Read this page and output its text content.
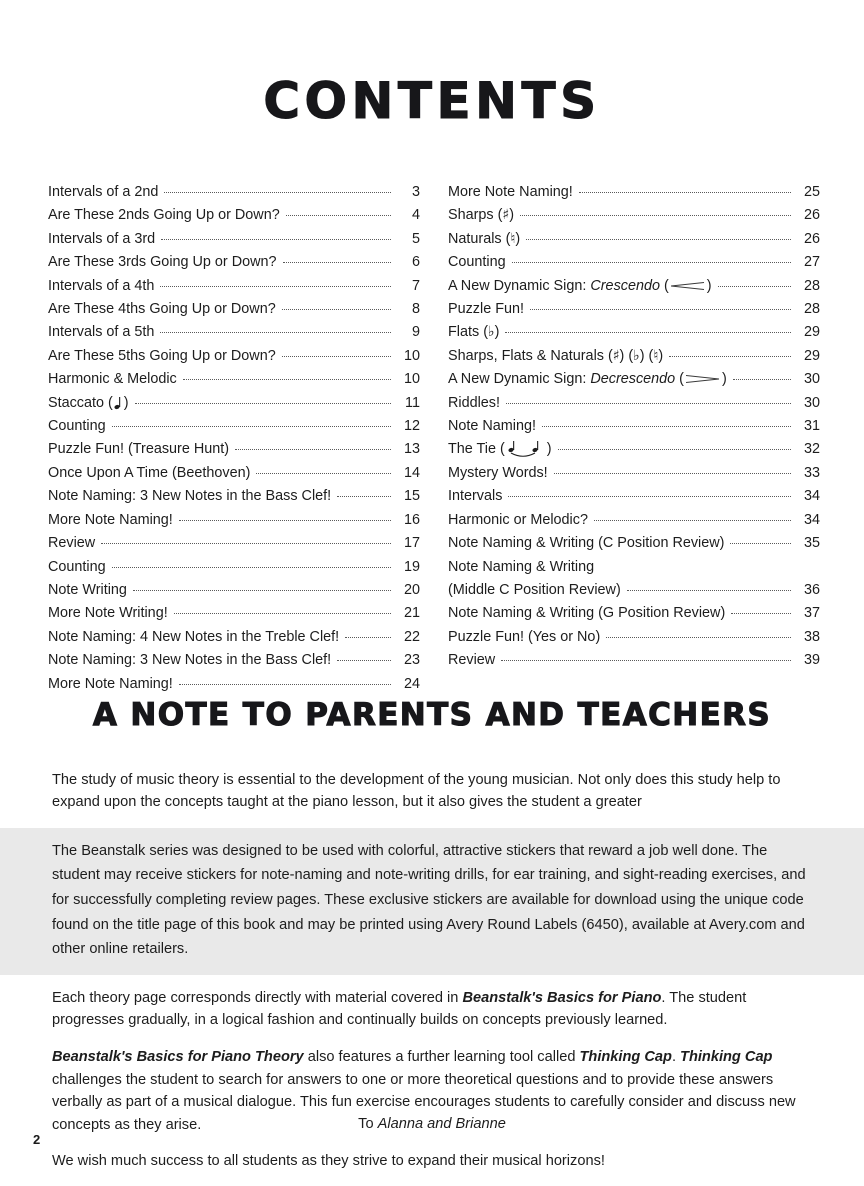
CONTENTS
Intervals of a 2nd	3
Are These 2nds Going Up or Down?	4
Intervals of a 3rd	5
Are These 3rds Going Up or Down?	6
Intervals of a 4th	7
Are These 4ths Going Up or Down?	8
Intervals of a 5th	9
Are These 5ths Going Up or Down?	10
Harmonic & Melodic	10
Staccato ( )	11
Counting	12
Puzzle Fun! (Treasure Hunt)	13
Once Upon A Time (Beethoven)	14
Note Naming: 3 New Notes in the Bass Clef!	15
More Note Naming!	16
Review	17
Counting	19
Note Writing	20
More Note Writing!	21
Note Naming: 4 New Notes in the Treble Clef!	22
Note Naming: 3 New Notes in the Bass Clef!	23
More Note Naming!	24
More Note Naming!	25
Sharps (♯)	26
Naturals (♮)	26
Counting	27
A New Dynamic Sign: Crescendo (	)	28
Puzzle Fun!	28
Flats (♭)	29
Sharps, Flats & Naturals (♯) (♭) (♮)	29
A New Dynamic Sign: Decrescendo (	)	30
Riddles!	30
Note Naming!	31
The Tie (	)	32
Mystery Words!	33
Intervals	34
Harmonic or Melodic?	34
Note Naming & Writing (C Position Review)	35
Note Naming & Writing
(Middle C Position Review)	36
Note Naming & Writing (G Position Review)	37
Puzzle Fun! (Yes or No)	38
Review	39
A NOTE TO PARENTS AND TEACHERS

The study of music theory is essential to the development of the young musician. Not only does this study help to expand upon the concepts taught at the piano lesson, but it also gives the student a greater

The Beanstalk series was designed to be used with colorful, attractive stickers that reward a job well done. The student may receive stickers for note-naming and note-writing drills, for ear training, and sight-reading exercises, and for successfully completing review pages. These exclusive stickers are available for download using the unique code found on the title page of this book and may be printed using Avery Round Labels (6450), available at Avery.com and other online retailers.

Each theory page corresponds directly with material covered in Beanstalk's Basics for Piano. The student progresses gradually, in a logical fashion and continually builds on concepts previously learned.

Beanstalk's Basics for Piano Theory also features a further learning tool called Thinking Cap. Thinking Cap challenges the student to search for answers to one or more theoretical questions and to provide these answers verbally as part of a musical dialogue. This fun exercise encourages students to carefully consider and discuss new concepts as they arise.

We wish much success to all students as they strive to expand their musical horizons!

To Alanna and Brianne
2
